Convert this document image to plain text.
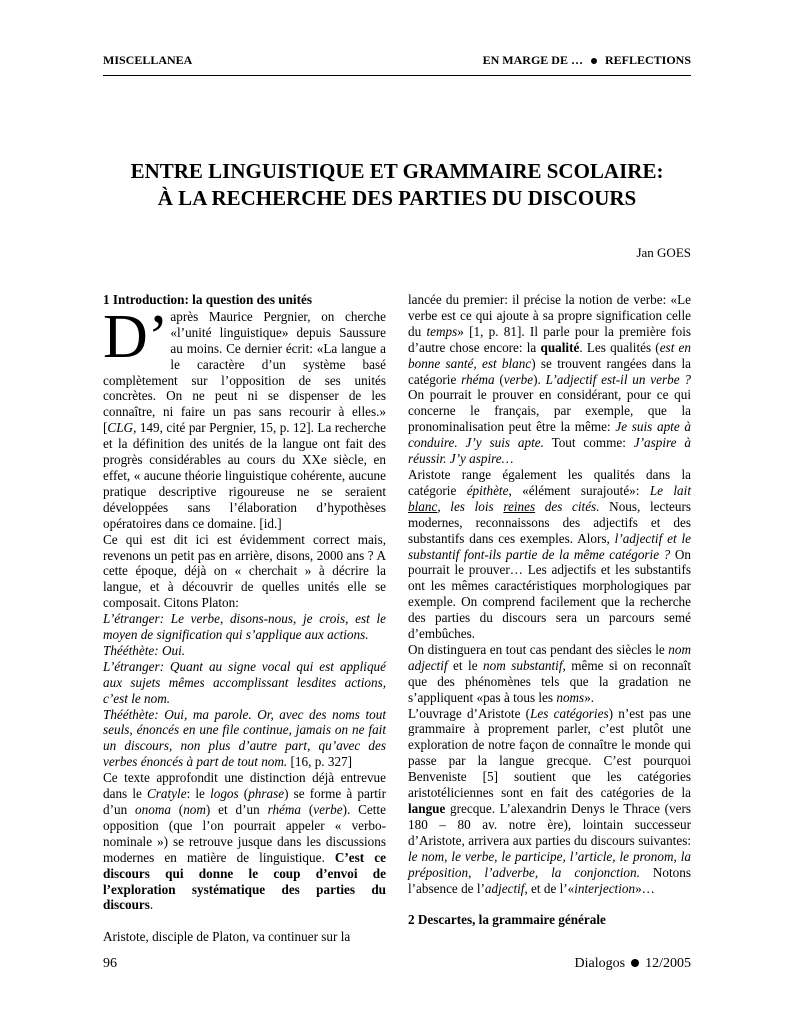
MISCELLANEA	EN MARGE DE … REFLECTIONS
ENTRE LINGUISTIQUE ET GRAMMAIRE SCOLAIRE:
À LA RECHERCHE DES PARTIES DU DISCOURS
Jan GOES
1 Introduction: la question des unités

D’ après Maurice Pergnier, on cherche «l’unité linguistique» depuis Saussure au moins. Ce dernier écrit: «La langue a le caractère d’un système basé complètement sur l’opposition de ses unités concrètes. On ne peut ni se dispenser de les connaître, ni faire un pas sans recourir à elles.» [CLG, 149, cité par Pergnier, 15, p. 12]. La recherche et la définition des unités de la langue ont fait des progrès considérables au cours du XXe siècle, en effet, « aucune théorie linguistique cohérente, aucune pratique descriptive rigoureuse ne se seraient développées sans l’élaboration d’hypothèses opératoires dans ce domaine. [id.]

Ce qui est dit ici est évidemment correct mais, revenons un petit pas en arrière, disons, 2000 ans ? A cette époque, déjà on « cherchait » à décrire la langue, et à découvrir de quelles unités elle se composait. Citons Platon:

L’étranger: Le verbe, disons-nous, je crois, est le moyen de signification qui s’applique aux actions.

Thééthète: Oui.

L’étranger: Quant au signe vocal qui est appliqué aux sujets mêmes accomplissant lesdites actions, c’est le nom.

Thééthète: Oui, ma parole. Or, avec des noms tout seuls, énoncés en une file continue, jamais on ne fait un discours, non plus d’autre part, qu’avec des verbes énoncés à part de tout nom. [16, p. 327]

Ce texte approfondit une distinction déjà entrevue dans le Cratyle: le logos (phrase) se forme à partir d’un onoma (nom) et d’un rhéma (verbe). Cette opposition (que l’on pourrait appeler « verbo-nominale ») se retrouve jusque dans les discussions modernes en matière de linguistique. C’est ce discours qui donne le coup d’envoi de l’exploration systématique des parties du discours.

Aristote, disciple de Platon, va continuer sur la

lancée du premier: il précise la notion de verbe: «Le verbe est ce qui ajoute à sa propre signification celle du temps» [1, p. 81]. Il parle pour la première fois d’autre chose encore: la qualité. Les qualités (est en bonne santé, est blanc) se trouvent rangées dans la catégorie rhéma (verbe). L’adjectif est-il un verbe ? On pourrait le prouver en considérant, pour ce qui concerne le français, par exemple, que la pronominalisation peut être la même: Je suis apte à conduire. J’y suis apte. Tout comme: J’aspire à réussir. J’y aspire…

Aristote range également les qualités dans la catégorie épithète, «élément surajouté»: Le lait blanc, les lois reines des cités. Nous, lecteurs modernes, reconnaissons des adjectifs et des substantifs dans ces exemples. Alors, l’adjectif et le substantif font-ils partie de la même catégorie ? On pourrait le prouver… Les adjectifs et les substantifs ont les mêmes caractéristiques morphologiques par exemple. On comprend facilement que la recherche des parties du discours sera un parcours semé d’embûches.

On distinguera en tout cas pendant des siècles le nom adjectif et le nom substantif, même si on reconnaît que des phénomènes tels que la gradation ne s’appliquent «pas à tous les noms».

L’ouvrage d’Aristote (Les catégories) n’est pas une grammaire à proprement parler, c’est plutôt une exploration de notre façon de connaître le monde qui passe par la langue grecque. C’est pourquoi Benveniste [5] soutient que les catégories aristotéliciennes sont en fait des catégories de la langue grecque. L’alexandrin Denys le Thrace (vers 180 – 80 av. notre ère), lointain successeur d’Aristote, arrivera aux parties du discours suivantes: le nom, le verbe, le participe, l’article, le pronom, la préposition, l’adverbe, la conjonction. Notons l’absence de l’adjectif, et de l’«interjection»…

2 Descartes, la grammaire générale
96	Dialogos 12/2005
